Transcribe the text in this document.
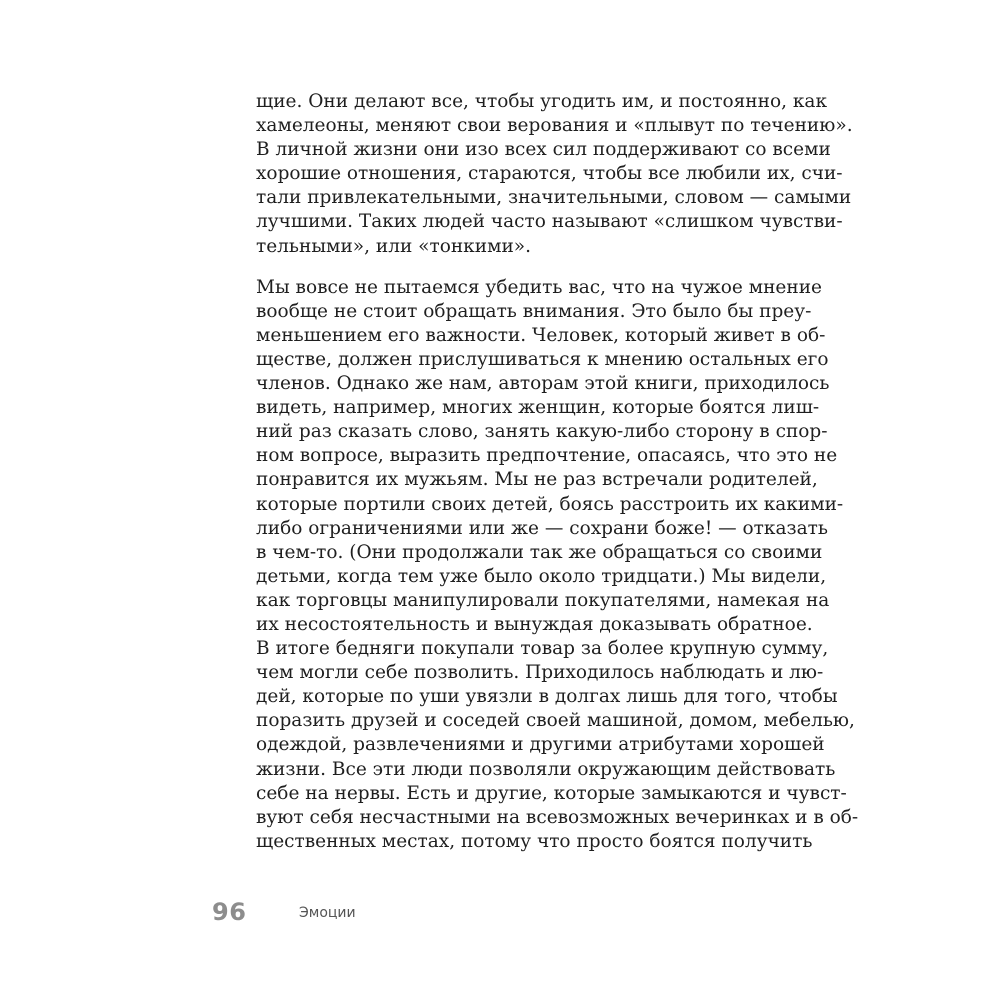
щие. Они делают все, чтобы угодить им, и постоянно, как
хамелеоны, меняют свои верования и «плывут по течению».
В личной жизни они изо всех сил поддерживают со всеми
хорошие отношения, стараются, чтобы все любили их, счи-
тали привлекательными, значительными, словом — самыми
лучшими. Таких людей часто называют «слишком чувстви-
тельными», или «тонкими».
Мы вовсе не пытаемся убедить вас, что на чужое мнение
вообще не стоит обращать внимания. Это было бы преу-
меньшением его важности. Человек, который живет в об-
ществе, должен прислушиваться к мнению остальных его
членов. Однако же нам, авторам этой книги, приходилось
видеть, например, многих женщин, которые боятся лиш-
ний раз сказать слово, занять какую-либо сторону в спор-
ном вопросе, выразить предпочтение, опасаясь, что это не
понравится их мужьям. Мы не раз встречали родителей,
которые портили своих детей, боясь расстроить их какими-
либо ограничениями или же — сохрани боже! — отказать
в чем-то. (Они продолжали так же обращаться со своими
детьми, когда тем уже было около тридцати.) Мы видели,
как торговцы манипулировали покупателями, намекая на
их несостоятельность и вынуждая доказывать обратное.
В итоге бедняги покупали товар за более крупную сумму,
чем могли себе позволить. Приходилось наблюдать и лю-
дей, которые по уши увязли в долгах лишь для того, чтобы
поразить друзей и соседей своей машиной, домом, мебелью,
одеждой, развлечениями и другими атрибутами хорошей
жизни. Все эти люди позволяли окружающим действовать
себе на нервы. Есть и другие, которые замыкаются и чувст-
вуют себя несчастными на всевозможных вечеринках и в об-
щественных местах, потому что просто боятся получить
96	Эмоции
